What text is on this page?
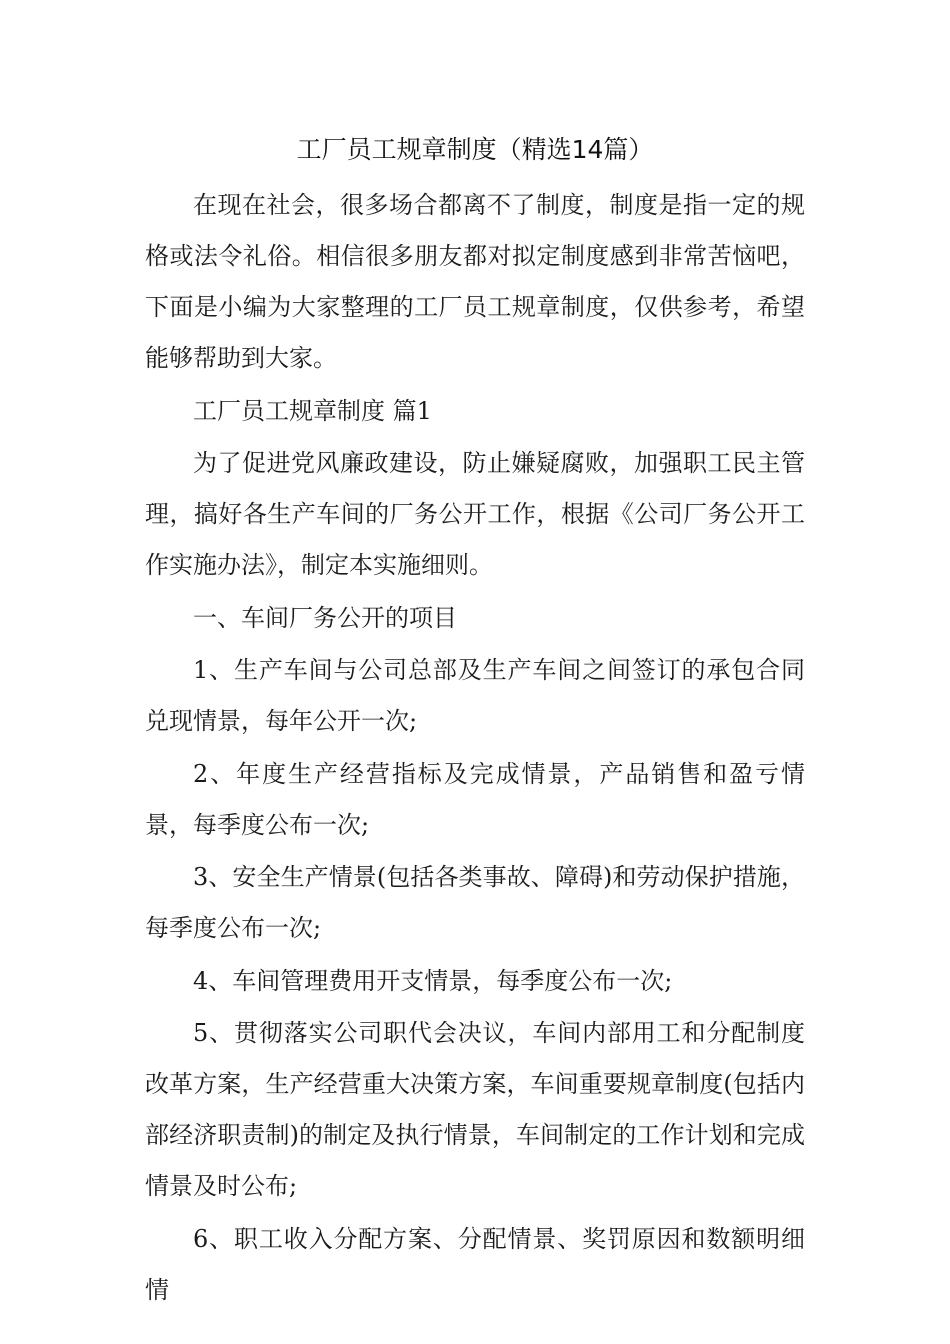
工厂员工规章制度（精选14篇）

在现在社会，很多场合都离不了制度，制度是指一定的规格或法令礼俗。相信很多朋友都对拟定制度感到非常苦恼吧，下面是小编为大家整理的工厂员工规章制度，仅供参考，希望能够帮助到大家。

工厂员工规章制度 篇1

为了促进党风廉政建设，防止嫌疑腐败，加强职工民主管理，搞好各生产车间的厂务公开工作，根据《公司厂务公开工作实施办法》，制定本实施细则。

一、车间厂务公开的项目

1、生产车间与公司总部及生产车间之间签订的承包合同兑现情景，每年公开一次;

2、年度生产经营指标及完成情景，产品销售和盈亏情景，每季度公布一次;

3、安全生产情景(包括各类事故、障碍)和劳动保护措施，每季度公布一次;

4、车间管理费用开支情景，每季度公布一次;

5、贯彻落实公司职代会决议，车间内部用工和分配制度改革方案，生产经营重大决策方案，车间重要规章制度(包括内部经济职责制)的制定及执行情景，车间制定的工作计划和完成情景及时公布;

6、职工收入分配方案、分配情景、奖罚原因和数额明细情
